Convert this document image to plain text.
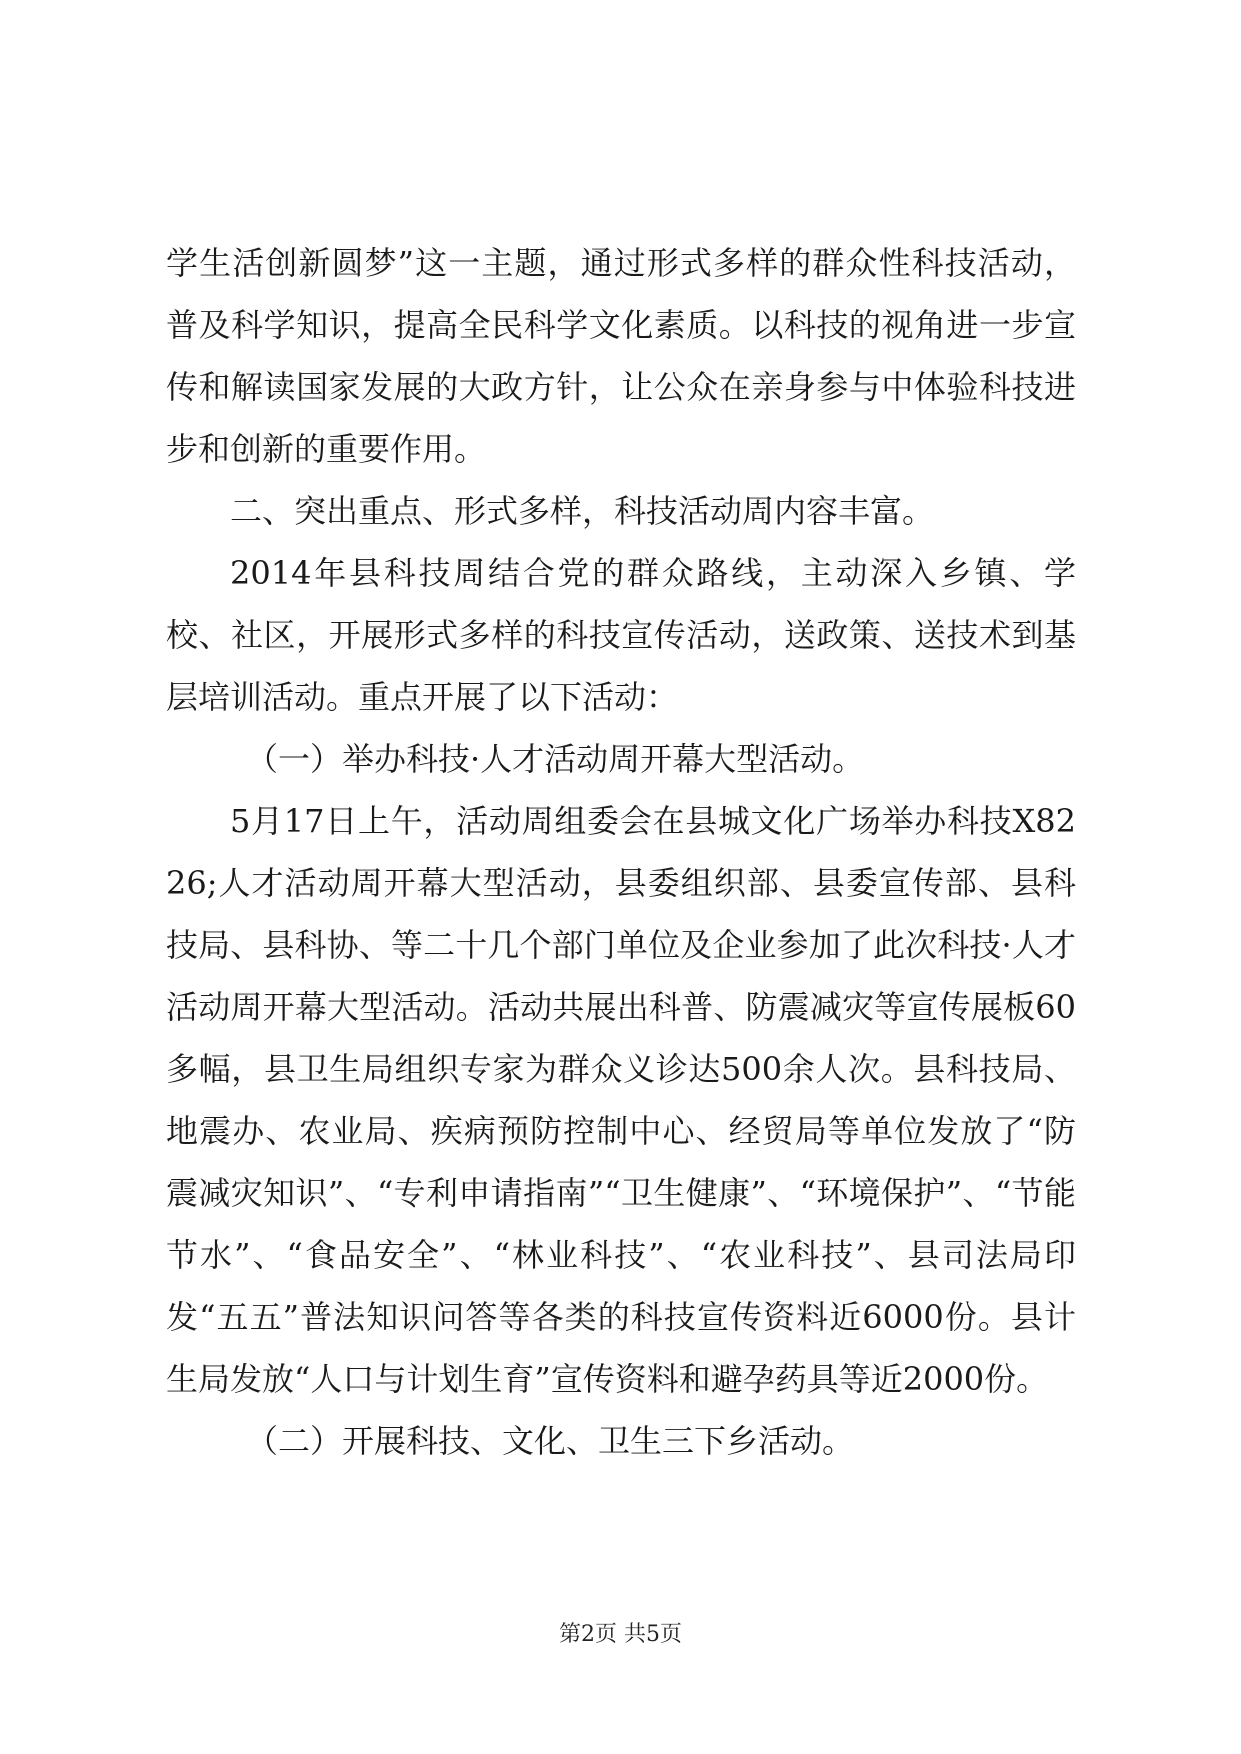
学生活创新圆梦”这一主题，通过形式多样的群众性科技活动，普及科学知识，提高全民科学文化素质。以科技的视角进一步宣传和解读国家发展的大政方针，让公众在亲身参与中体验科技进步和创新的重要作用。

二、突出重点、形式多样，科技活动周内容丰富。

2014年县科技周结合党的群众路线，主动深入乡镇、学校、社区，开展形式多样的科技宣传活动，送政策、送技术到基层培训活动。重点开展了以下活动：

（一）举办科技·人才活动周开幕大型活动。

5月17日上午，活动周组委会在县城文化广场举办科技X8226;人才活动周开幕大型活动，县委组织部、县委宣传部、县科技局、县科协、等二十几个部门单位及企业参加了此次科技·人才活动周开幕大型活动。活动共展出科普、防震减灾等宣传展板60多幅，县卫生局组织专家为群众义诊达500余人次。县科技局、地震办、农业局、疾病预防控制中心、经贸局等单位发放了“防震减灾知识”、“专利申请指南”“卫生健康”、“环境保护”、“节能节水”、“食品安全”、“林业科技”、“农业科技”、县司法局印发“五五”普法知识问答等各类的科技宣传资料近6000份。县计生局发放“人口与计划生育”宣传资料和避孕药具等近2000份。

（二）开展科技、文化、卫生三下乡活动。

第2页 共5页
